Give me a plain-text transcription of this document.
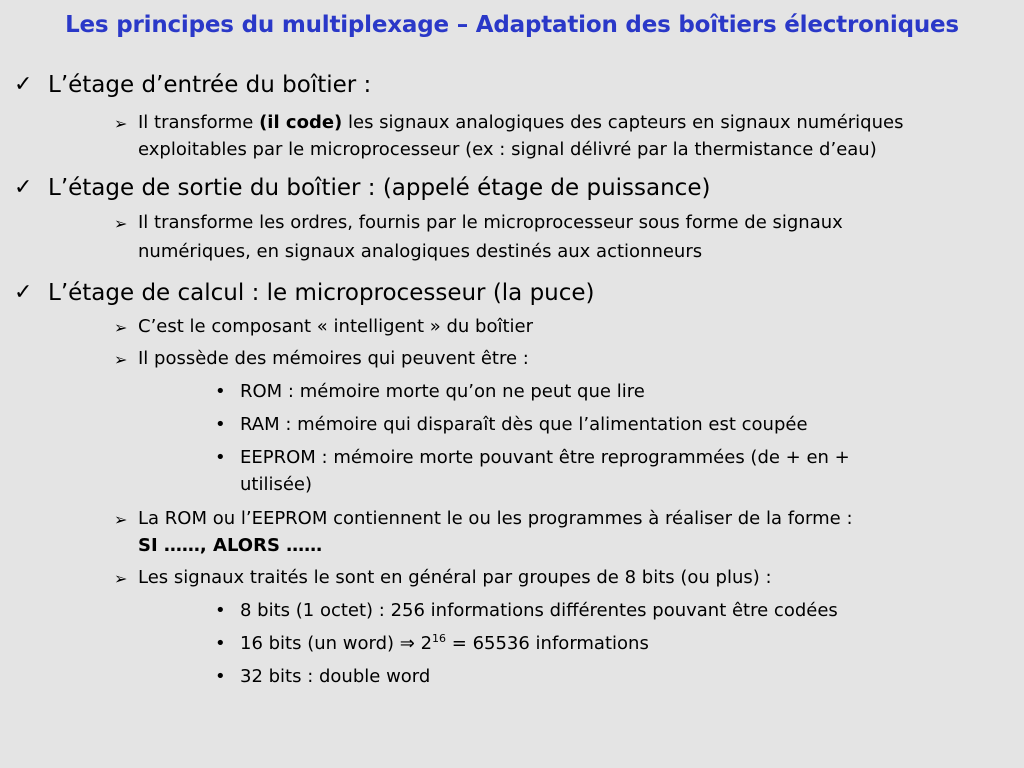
Les principes du multiplexage – Adaptation des boîtiers électroniques
✓ L’étage d’entrée du boîtier :
➢ Il transforme (il code) les signaux analogiques des capteurs en signaux numériques
exploitables par le microprocesseur (ex : signal délivré par la thermistance d’eau)
✓ L’étage de sortie du boîtier : (appelé étage de puissance)
➢ Il transforme les ordres, fournis par le microprocesseur sous forme de signaux
numériques, en signaux analogiques destinés aux actionneurs
✓ L’étage de calcul : le microprocesseur (la puce)
➢ C’est le composant « intelligent » du boîtier
➢ Il possède des mémoires qui peuvent être :
• ROM : mémoire morte qu’on ne peut que lire
• RAM : mémoire qui disparaît dès que l’alimentation est coupée
• EEPROM : mémoire morte pouvant être reprogrammées (de + en +
utilisée)
➢ La ROM ou l’EEPROM contiennent le ou les programmes à réaliser de la forme :
SI ……, ALORS ……
➢ Les signaux traités le sont en général par groupes de 8 bits (ou plus) :
• 8 bits (1 octet) : 256 informations différentes pouvant être codées
• 16 bits (un word) ⇒ $2^{16} = 65536$ informations
• 32 bits : double word
